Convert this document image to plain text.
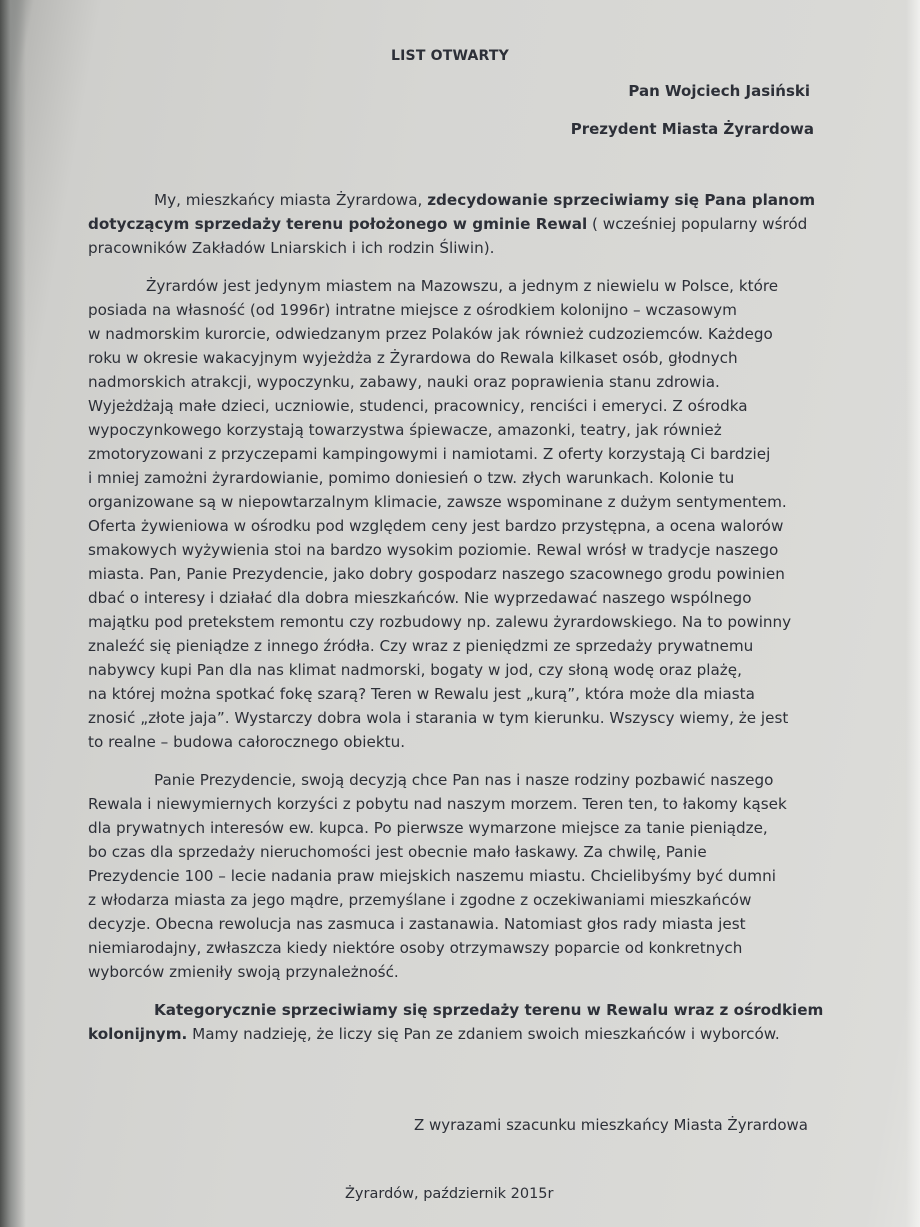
LIST OTWARTY
Pan Wojciech Jasiński
Prezydent Miasta Żyrardowa
My, mieszkańcy miasta Żyrardowa, zdecydowanie sprzeciwiamy się Pana planom
dotyczącym sprzedaży terenu położonego w gminie Rewal ( wcześniej popularny wśród
pracowników Zakładów Lniarskich i ich rodzin Śliwin).
Żyrardów jest jedynym miastem na Mazowszu, a jednym z niewielu w Polsce, które
posiada na własność (od 1996r) intratne miejsce z ośrodkiem kolonijno – wczasowym
w nadmorskim kurorcie, odwiedzanym przez Polaków jak również cudzoziemców. Każdego
roku w okresie wakacyjnym wyjeżdża z Żyrardowa do Rewala kilkaset osób, głodnych
nadmorskich atrakcji, wypoczynku, zabawy, nauki oraz poprawienia stanu zdrowia.
Wyjeżdżają małe dzieci, uczniowie, studenci, pracownicy, renciści i emeryci. Z ośrodka
wypoczynkowego korzystają towarzystwa śpiewacze, amazonki, teatry, jak również
zmotoryzowani z przyczepami kampingowymi i namiotami. Z oferty korzystają Ci bardziej
i mniej zamożni żyrardowianie, pomimo doniesień o tzw. złych warunkach. Kolonie tu
organizowane są w niepowtarzalnym klimacie, zawsze wspominane z dużym sentymentem.
Oferta żywieniowa w ośrodku pod względem ceny jest bardzo przystępna, a ocena walorów
smakowych wyżywienia stoi na bardzo wysokim poziomie. Rewal wrósł w tradycje naszego
miasta. Pan, Panie Prezydencie, jako dobry gospodarz naszego szacownego grodu powinien
dbać o interesy i działać dla dobra mieszkańców. Nie wyprzedawać naszego wspólnego
majątku pod pretekstem remontu czy rozbudowy np. zalewu żyrardowskiego. Na to powinny
znaleźć się pieniądze z innego źródła. Czy wraz z pieniędzmi ze sprzedaży prywatnemu
nabywcy kupi Pan dla nas klimat nadmorski, bogaty w jod, czy słoną wodę oraz plażę,
na której można spotkać fokę szarą? Teren w Rewalu jest „kurą”, która może dla miasta
znosić „złote jaja”. Wystarczy dobra wola i starania w tym kierunku. Wszyscy wiemy, że jest
to realne – budowa całorocznego obiektu.
Panie Prezydencie, swoją decyzją chce Pan nas i nasze rodziny pozbawić naszego
Rewala i niewymiernych korzyści z pobytu nad naszym morzem. Teren ten, to łakomy kąsek
dla prywatnych interesów ew. kupca. Po pierwsze wymarzone miejsce za tanie pieniądze,
bo czas dla sprzedaży nieruchomości jest obecnie mało łaskawy. Za chwilę, Panie
Prezydencie 100 – lecie nadania praw miejskich naszemu miastu. Chcielibyśmy być dumni
z włodarza miasta za jego mądre, przemyślane i zgodne z oczekiwaniami mieszkańców
decyzje. Obecna rewolucja nas zasmuca i zastanawia. Natomiast głos rady miasta jest
niemiarodajny, zwłaszcza kiedy niektóre osoby otrzymawszy poparcie od konkretnych
wyborców zmieniły swoją przynależność.
Kategorycznie sprzeciwiamy się sprzedaży terenu w Rewalu wraz z ośrodkiem
kolonijnym. Mamy nadzieję, że liczy się Pan ze zdaniem swoich mieszkańców i wyborców.
Z wyrazami szacunku mieszkańcy Miasta Żyrardowa
Żyrardów, październik 2015r
